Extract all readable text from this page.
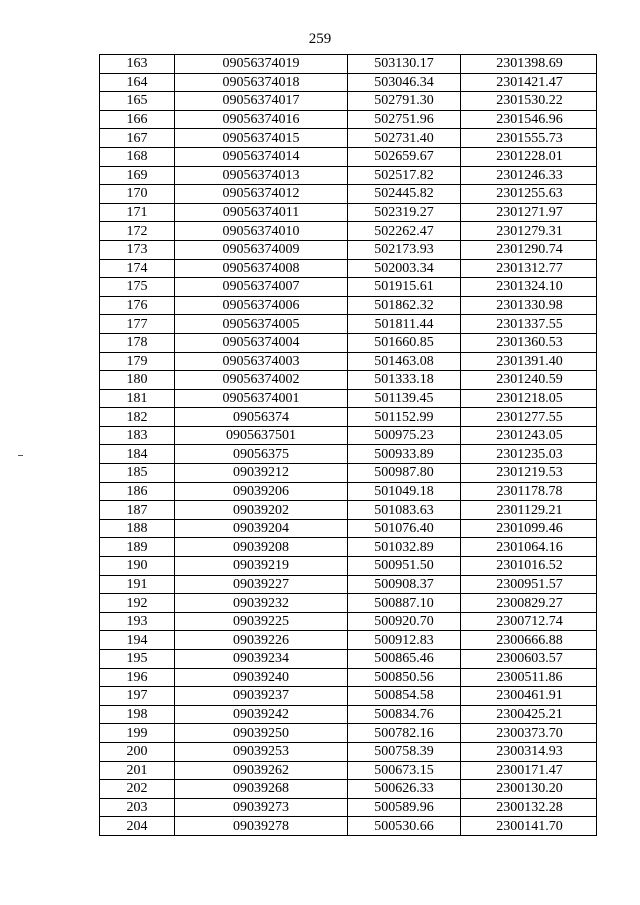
259
163	09056374019	503130.17	2301398.69
164	09056374018	503046.34	2301421.47
165	09056374017	502791.30	2301530.22
166	09056374016	502751.96	2301546.96
167	09056374015	502731.40	2301555.73
168	09056374014	502659.67	2301228.01
169	09056374013	502517.82	2301246.33
170	09056374012	502445.82	2301255.63
171	09056374011	502319.27	2301271.97
172	09056374010	502262.47	2301279.31
173	09056374009	502173.93	2301290.74
174	09056374008	502003.34	2301312.77
175	09056374007	501915.61	2301324.10
176	09056374006	501862.32	2301330.98
177	09056374005	501811.44	2301337.55
178	09056374004	501660.85	2301360.53
179	09056374003	501463.08	2301391.40
180	09056374002	501333.18	2301240.59
181	09056374001	501139.45	2301218.05
182	09056374	501152.99	2301277.55
183	0905637501	500975.23	2301243.05
184	09056375	500933.89	2301235.03
185	09039212	500987.80	2301219.53
186	09039206	501049.18	2301178.78
187	09039202	501083.63	2301129.21
188	09039204	501076.40	2301099.46
189	09039208	501032.89	2301064.16
190	09039219	500951.50	2301016.52
191	09039227	500908.37	2300951.57
192	09039232	500887.10	2300829.27
193	09039225	500920.70	2300712.74
194	09039226	500912.83	2300666.88
195	09039234	500865.46	2300603.57
196	09039240	500850.56	2300511.86
197	09039237	500854.58	2300461.91
198	09039242	500834.76	2300425.21
199	09039250	500782.16	2300373.70
200	09039253	500758.39	2300314.93
201	09039262	500673.15	2300171.47
202	09039268	500626.33	2300130.20
203	09039273	500589.96	2300132.28
204	09039278	500530.66	2300141.70
